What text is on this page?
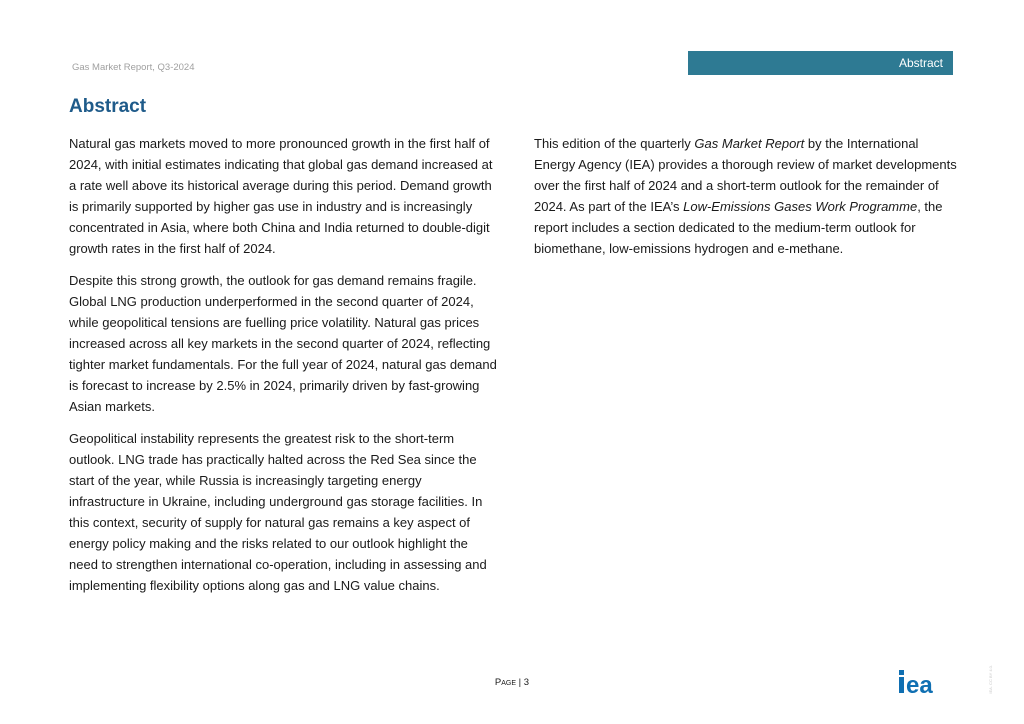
Gas Market Report, Q3-2024	Abstract
Abstract

Natural gas markets moved to more pronounced growth in the first half of 2024, with initial estimates indicating that global gas demand increased at a rate well above its historical average during this period. Demand growth is primarily supported by higher gas use in industry and is increasingly concentrated in Asia, where both China and India returned to double-digit growth rates in the first half of 2024.

Despite this strong growth, the outlook for gas demand remains fragile. Global LNG production underperformed in the second quarter of 2024, while geopolitical tensions are fuelling price volatility. Natural gas prices increased across all key markets in the second quarter of 2024, reflecting tighter market fundamentals. For the full year of 2024, natural gas demand is forecast to increase by 2.5% in 2024, primarily driven by fast-growing Asian markets.

Geopolitical instability represents the greatest risk to the short-term outlook. LNG trade has practically halted across the Red Sea since the start of the year, while Russia is increasingly targeting energy infrastructure in Ukraine, including underground gas storage facilities. In this context, security of supply for natural gas remains a key aspect of energy policy making and the risks related to our outlook highlight the need to strengthen international co-operation, including in assessing and implementing flexibility options along gas and LNG value chains.

This edition of the quarterly Gas Market Report by the International Energy Agency (IEA) provides a thorough review of market developments over the first half of 2024 and a short-term outlook for the remainder of 2024. As part of the IEA’s Low-Emissions Gases Work Programme, the report includes a section dedicated to the medium-term outlook for biomethane, low-emissions hydrogen and e-methane.

Page | 3	ea	IEA. CC BY 4.0.
